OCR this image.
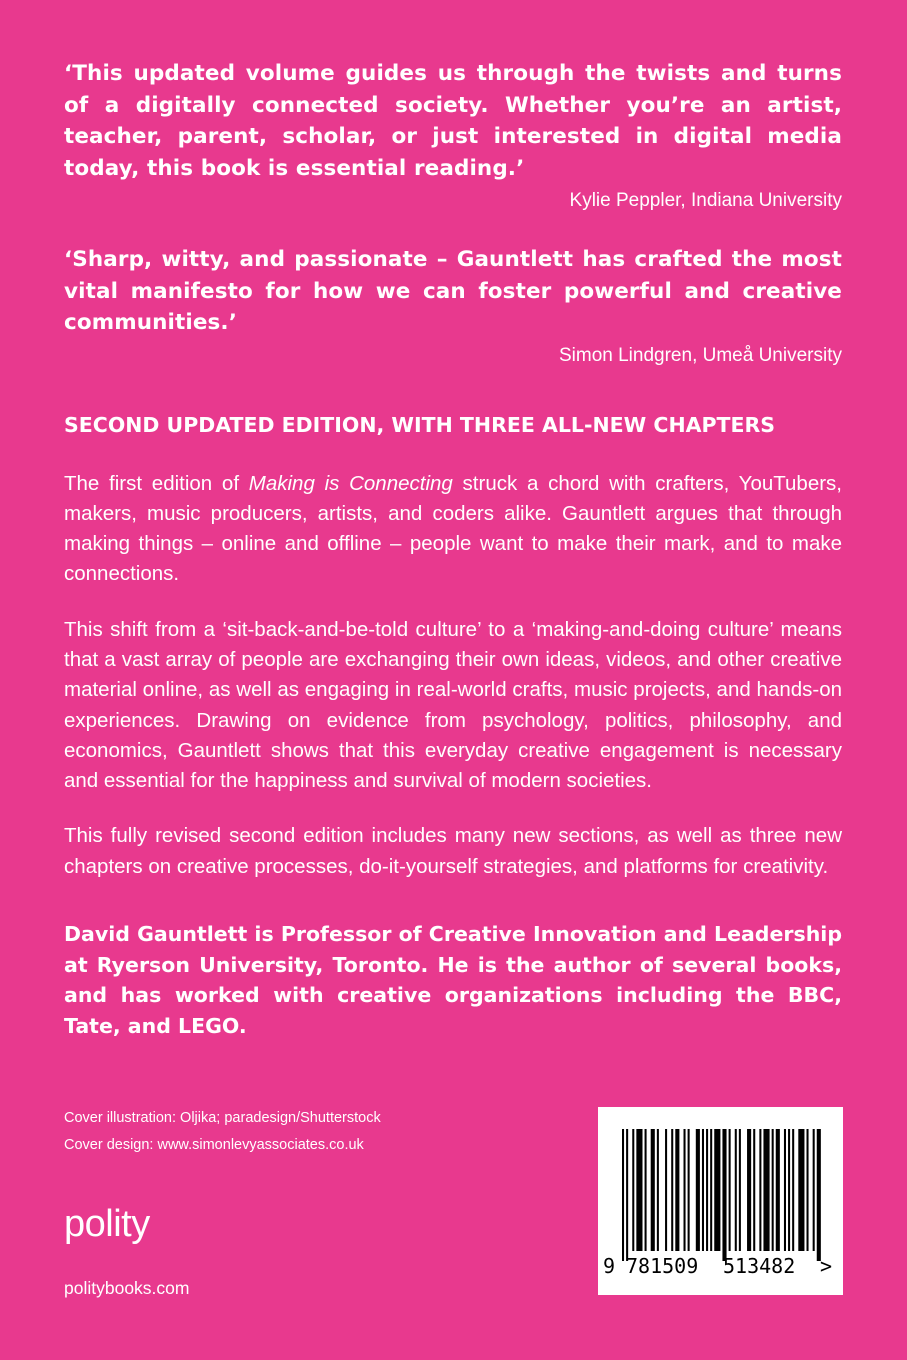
‘This updated volume guides us through the twists and turns of a digitally connected society. Whether you’re an artist, teacher, parent, scholar, or just interested in digital media today, this book is essential reading.’

Kylie Peppler, Indiana University

‘Sharp, witty, and passionate – Gauntlett has crafted the most vital manifesto for how we can foster powerful and creative communities.’

Simon Lindgren, Umeå University

SECOND UPDATED EDITION, WITH THREE ALL-NEW CHAPTERS

The first edition of Making is Connecting struck a chord with crafters, YouTubers, makers, music producers, artists, and coders alike. Gauntlett argues that through making things – online and offline – people want to make their mark, and to make connections.

This shift from a ‘sit-back-and-be-told culture’ to a ‘making-and-doing culture’ means that a vast array of people are exchanging their own ideas, videos, and other creative material online, as well as engaging in real-world crafts, music projects, and hands-on experiences. Drawing on evidence from psychology, politics, philosophy, and economics, Gauntlett shows that this everyday creative engagement is necessary and essential for the happiness and survival of modern societies.

This fully revised second edition includes many new sections, as well as three new chapters on creative processes, do-it-yourself strategies, and platforms for creativity.

David Gauntlett is Professor of Creative Innovation and Leadership at Ryerson University, Toronto. He is the author of several books, and has worked with creative organizations including the BBC, Tate, and LEGO.

Cover illustration: Oljika; paradesign/Shutterstock
Cover design: www.simonlevyassociates.co.uk
polity
politybooks.com
9 781509 513482 >
